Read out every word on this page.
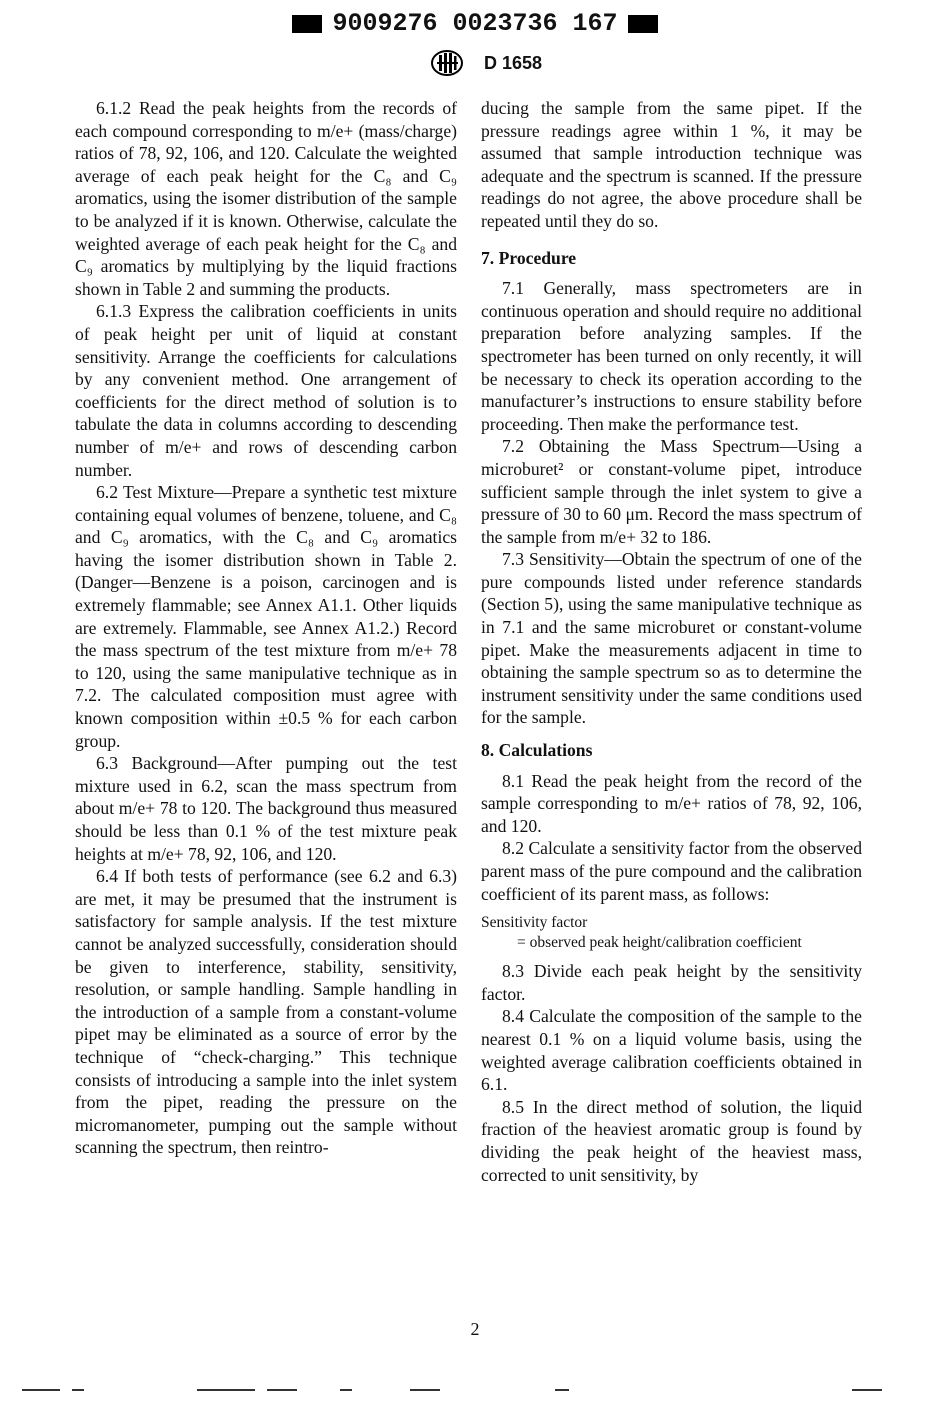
9009276 0023736 167
D 1658

6.1.2 Read the peak heights from the records of each compound corresponding to m/e+ (mass/charge) ratios of 78, 92, 106, and 120. Calculate the weighted average of each peak height for the C₈ and C₉ aromatics, using the isomer distribution of the sample to be analyzed if it is known. Otherwise, calculate the weighted average of each peak height for the C₈ and C₉ aromatics by multiplying by the liquid fractions shown in Table 2 and summing the products.

6.1.3 Express the calibration coefficients in units of peak height per unit of liquid at constant sensitivity. Arrange the coefficients for calculations by any convenient method. One arrangement of coefficients for the direct method of solution is to tabulate the data in columns according to descending number of m/e+ and rows of descending carbon number.

6.2 Test Mixture—Prepare a synthetic test mixture containing equal volumes of benzene, toluene, and C₈ and C₉ aromatics, with the C₈ and C₉ aromatics having the isomer distribution shown in Table 2. (Danger—Benzene is a poison, carcinogen and is extremely flammable; see Annex A1.1. Other liquids are extremely. Flammable, see Annex A1.2.) Record the mass spectrum of the test mixture from m/e+ 78 to 120, using the same manipulative technique as in 7.2. The calculated composition must agree with known composition within ±0.5 % for each carbon group.

6.3 Background—After pumping out the test mixture used in 6.2, scan the mass spectrum from about m/e+ 78 to 120. The background thus measured should be less than 0.1 % of the test mixture peak heights at m/e+ 78, 92, 106, and 120.

6.4 If both tests of performance (see 6.2 and 6.3) are met, it may be presumed that the instrument is satisfactory for sample analysis. If the test mixture cannot be analyzed successfully, consideration should be given to interference, stability, sensitivity, resolution, or sample handling. Sample handling in the introduction of a sample from a constant-volume pipet may be eliminated as a source of error by the technique of “check-charging.” This technique consists of introducing a sample into the inlet system from the pipet, reading the pressure on the micromanometer, pumping out the sample without scanning the spectrum, then reintro-

ducing the sample from the same pipet. If the pressure readings agree within 1 %, it may be assumed that sample introduction technique was adequate and the spectrum is scanned. If the pressure readings do not agree, the above procedure shall be repeated until they do so.

7. Procedure

7.1 Generally, mass spectrometers are in continuous operation and should require no additional preparation before analyzing samples. If the spectrometer has been turned on only recently, it will be necessary to check its operation according to the manufacturer’s instructions to ensure stability before proceeding. Then make the performance test.

7.2 Obtaining the Mass Spectrum—Using a microburet² or constant-volume pipet, introduce sufficient sample through the inlet system to give a pressure of 30 to 60 μm. Record the mass spectrum of the sample from m/e+ 32 to 186.

7.3 Sensitivity—Obtain the spectrum of one of the pure compounds listed under reference standards (Section 5), using the same manipulative technique as in 7.1 and the same microburet or constant-volume pipet. Make the measurements adjacent in time to obtaining the sample spectrum so as to determine the instrument sensitivity under the same conditions used for the sample.

8. Calculations

8.1 Read the peak height from the record of the sample corresponding to m/e+ ratios of 78, 92, 106, and 120.

8.2 Calculate a sensitivity factor from the observed parent mass of the pure compound and the calibration coefficient of its parent mass, as follows:

Sensitivity factor
= observed peak height/calibration coefficient

8.3 Divide each peak height by the sensitivity factor.

8.4 Calculate the composition of the sample to the nearest 0.1 % on a liquid volume basis, using the weighted average calibration coefficients obtained in 6.1.

8.5 In the direct method of solution, the liquid fraction of the heaviest aromatic group is found by dividing the peak height of the heaviest mass, corrected to unit sensitivity, by

2
